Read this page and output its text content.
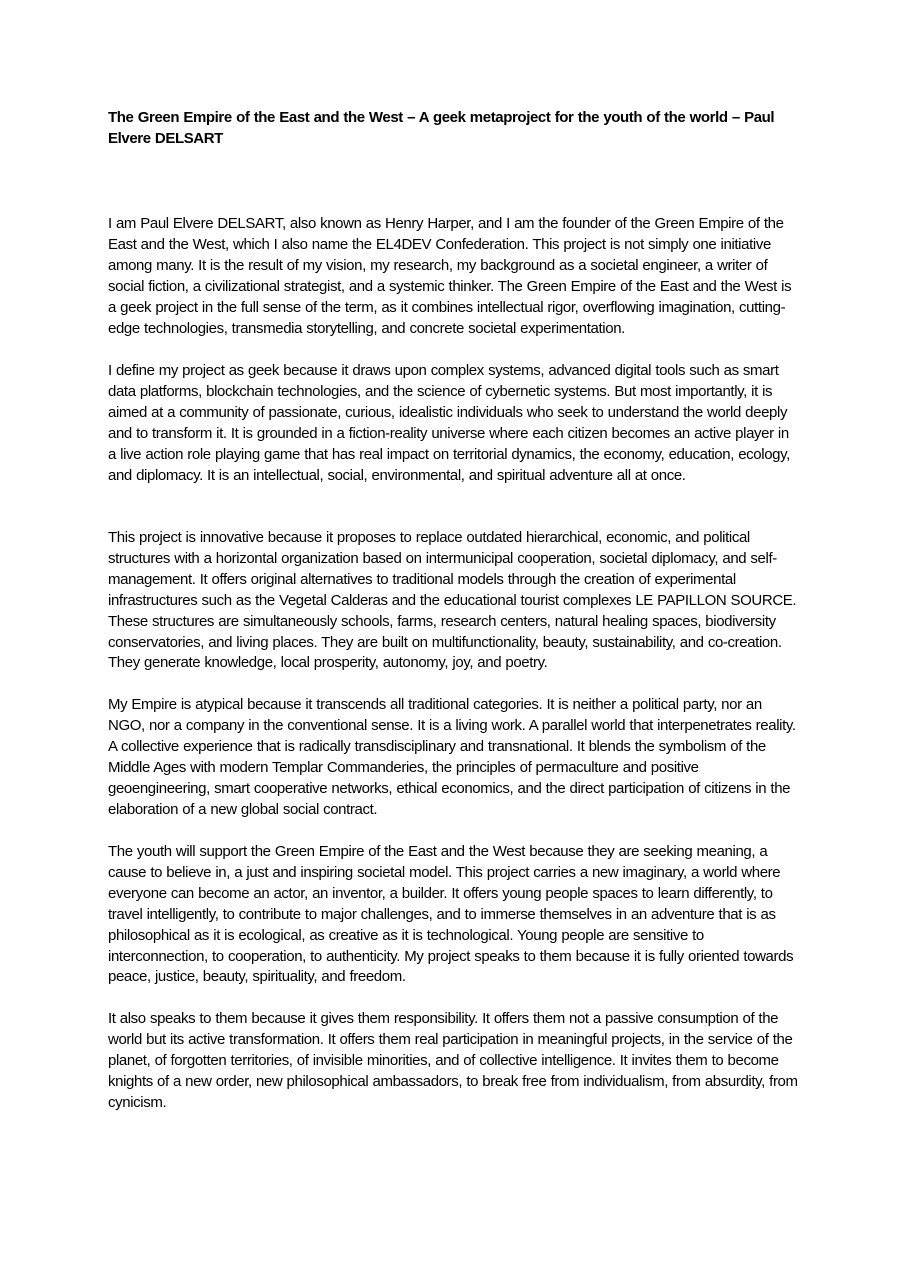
The Green Empire of the East and the West – A geek metaproject for the youth of the world – Paul Elvere DELSART

I am Paul Elvere DELSART, also known as Henry Harper, and I am the founder of the Green Empire of the East and the West, which I also name the EL4DEV Confederation. This project is not simply one initiative among many. It is the result of my vision, my research, my background as a societal engineer, a writer of social fiction, a civilizational strategist, and a systemic thinker. The Green Empire of the East and the West is a geek project in the full sense of the term, as it combines intellectual rigor, overflowing imagination, cutting-edge technologies, transmedia storytelling, and concrete societal experimentation.

I define my project as geek because it draws upon complex systems, advanced digital tools such as smart data platforms, blockchain technologies, and the science of cybernetic systems. But most importantly, it is aimed at a community of passionate, curious, idealistic individuals who seek to understand the world deeply and to transform it. It is grounded in a fiction-reality universe where each citizen becomes an active player in a live action role playing game that has real impact on territorial dynamics, the economy, education, ecology, and diplomacy. It is an intellectual, social, environmental, and spiritual adventure all at once.

This project is innovative because it proposes to replace outdated hierarchical, economic, and political structures with a horizontal organization based on intermunicipal cooperation, societal diplomacy, and self-management. It offers original alternatives to traditional models through the creation of experimental infrastructures such as the Vegetal Calderas and the educational tourist complexes LE PAPILLON SOURCE. These structures are simultaneously schools, farms, research centers, natural healing spaces, biodiversity conservatories, and living places. They are built on multifunctionality, beauty, sustainability, and co-creation. They generate knowledge, local prosperity, autonomy, joy, and poetry.

My Empire is atypical because it transcends all traditional categories. It is neither a political party, nor an NGO, nor a company in the conventional sense. It is a living work. A parallel world that interpenetrates reality. A collective experience that is radically transdisciplinary and transnational. It blends the symbolism of the Middle Ages with modern Templar Commanderies, the principles of permaculture and positive geoengineering, smart cooperative networks, ethical economics, and the direct participation of citizens in the elaboration of a new global social contract.

The youth will support the Green Empire of the East and the West because they are seeking meaning, a cause to believe in, a just and inspiring societal model. This project carries a new imaginary, a world where everyone can become an actor, an inventor, a builder. It offers young people spaces to learn differently, to travel intelligently, to contribute to major challenges, and to immerse themselves in an adventure that is as philosophical as it is ecological, as creative as it is technological. Young people are sensitive to interconnection, to cooperation, to authenticity. My project speaks to them because it is fully oriented towards peace, justice, beauty, spirituality, and freedom.

It also speaks to them because it gives them responsibility. It offers them not a passive consumption of the world but its active transformation. It offers them real participation in meaningful projects, in the service of the planet, of forgotten territories, of invisible minorities, and of collective intelligence. It invites them to become knights of a new order, new philosophical ambassadors, to break free from individualism, from absurdity, from cynicism.
